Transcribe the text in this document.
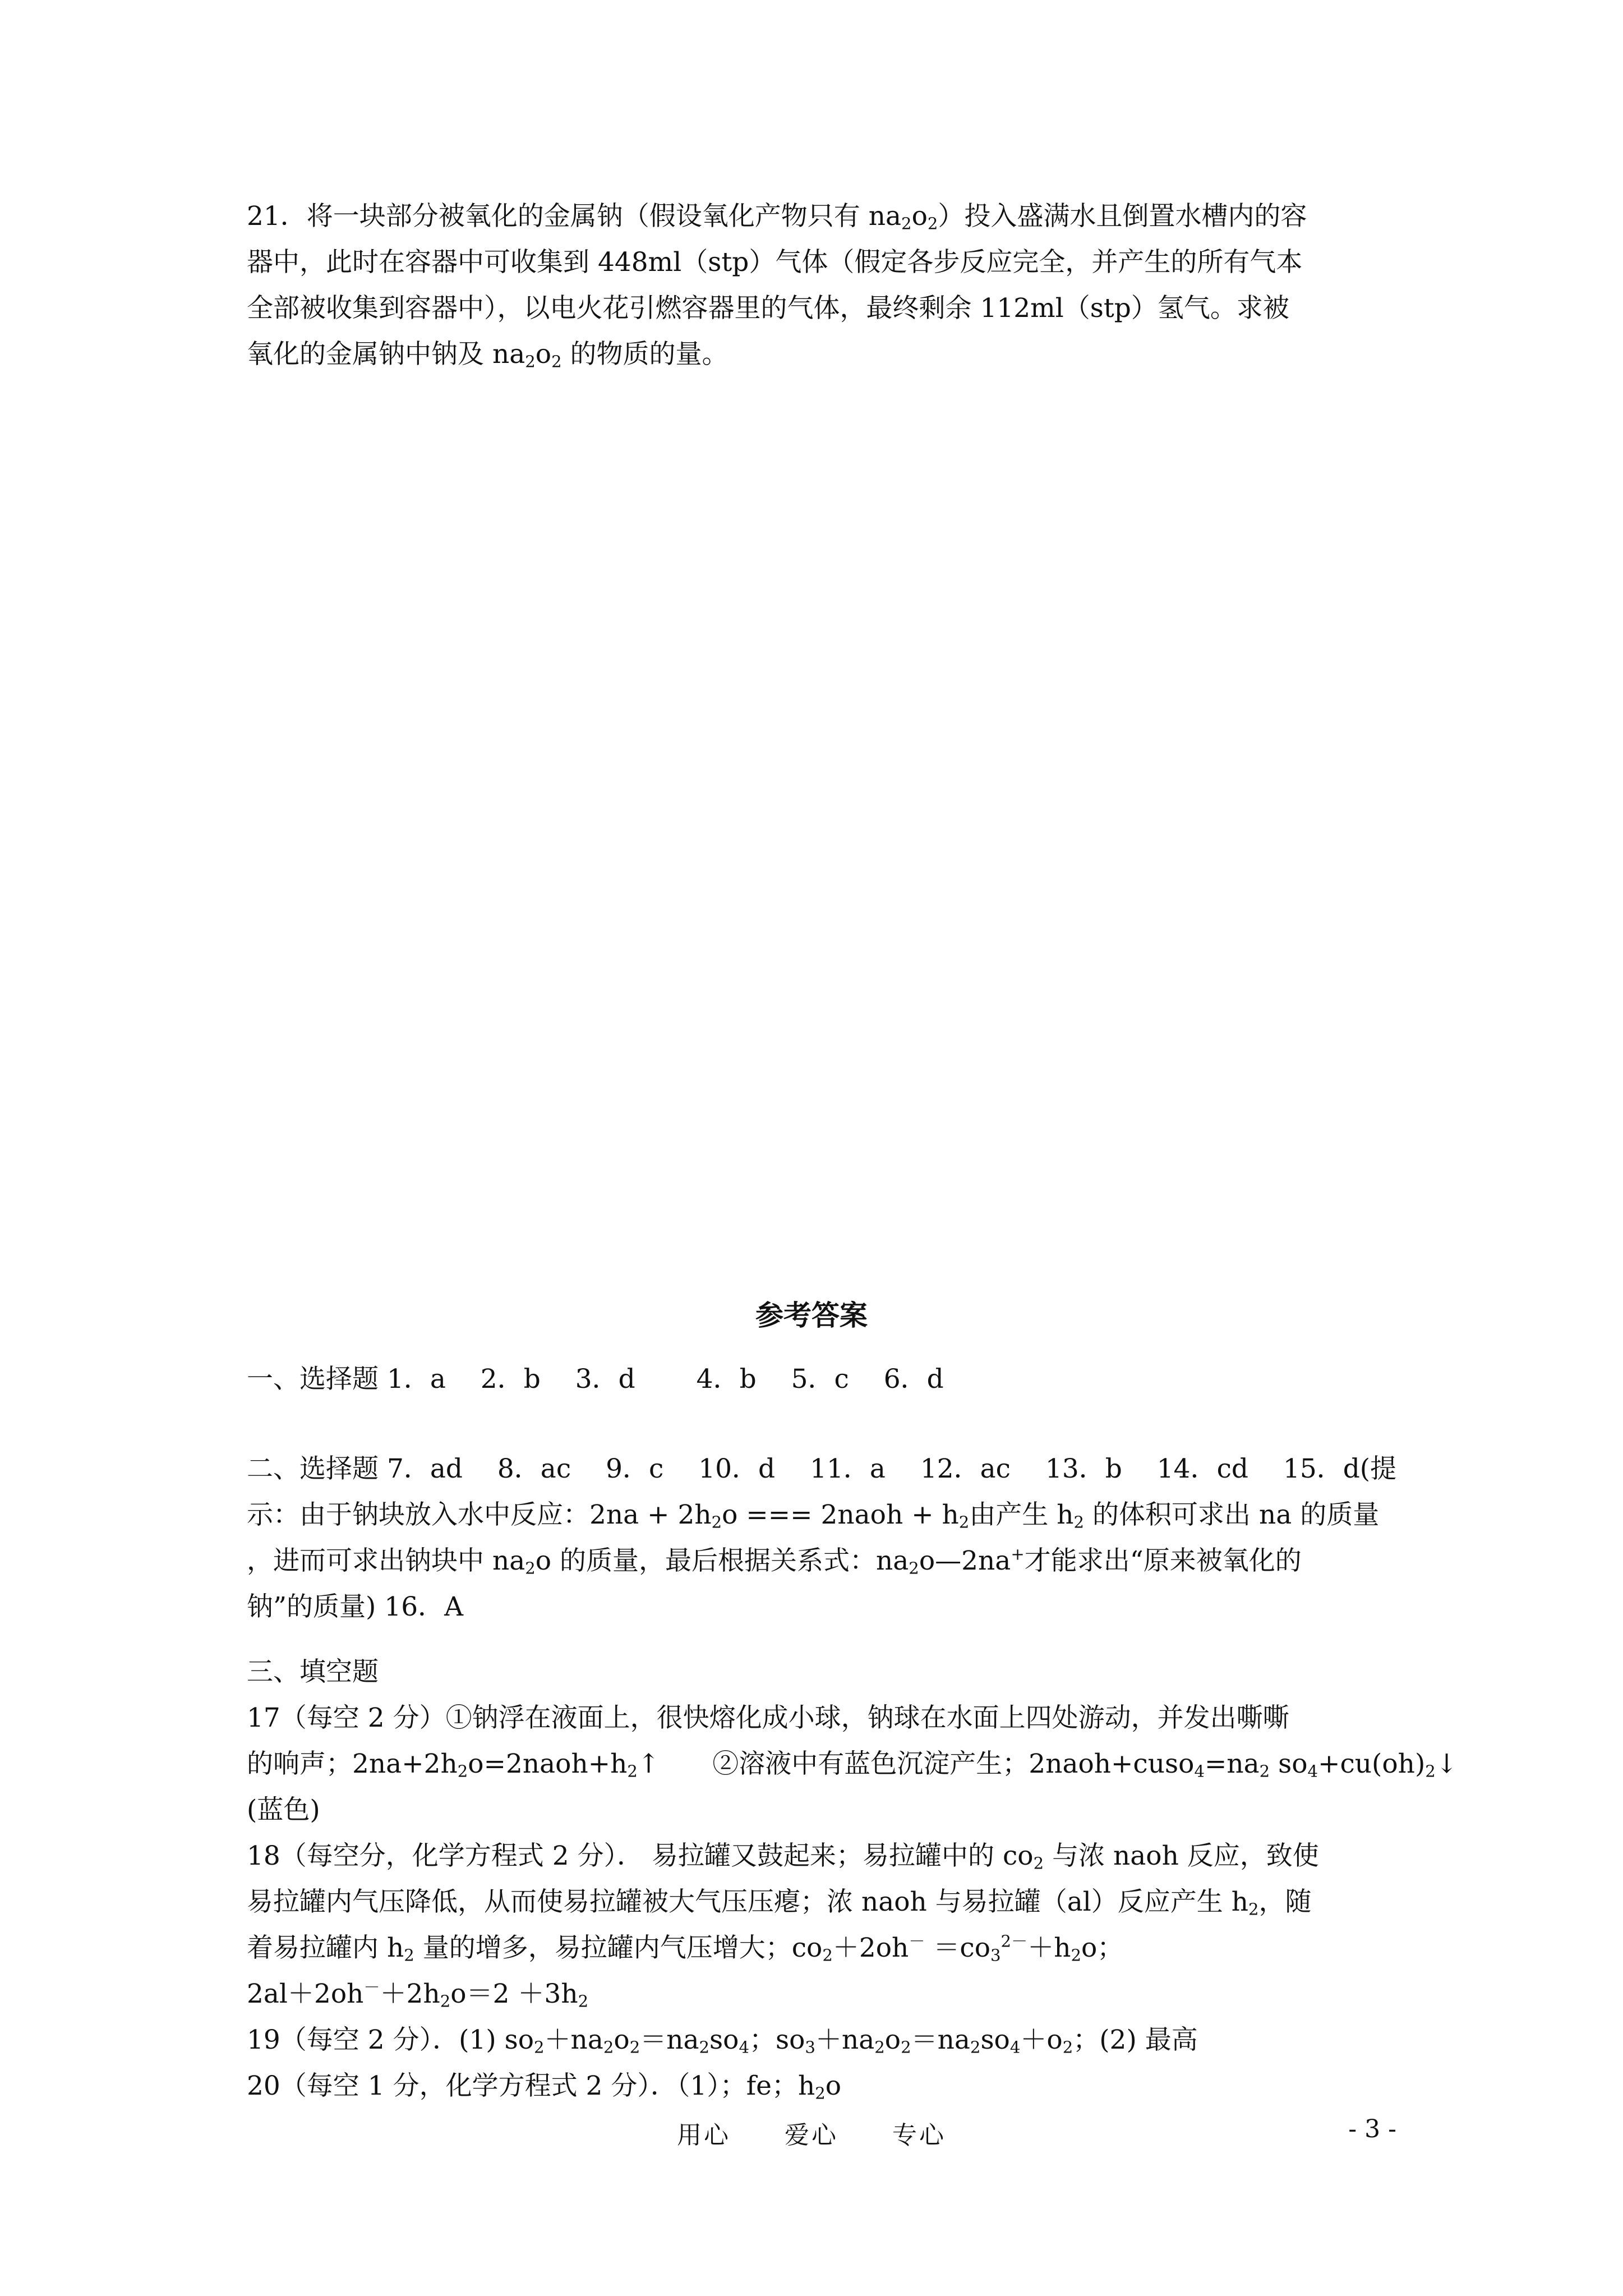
21．将一块部分被氧化的金属钠（假设氧化产物只有 $na_2o_2$）投入盛满水且倒置水槽内的容
器中，此时在容器中可收集到 448ml（stp）气体（假定各步反应完全，并产生的所有气本
全部被收集到容器中），以电火花引燃容器里的气体，最终剩余 112ml（stp）氢气。求被
氧化的金属钠中钠及 $na_2o_2$ 的物质的量。
参考答案
一、选择题 1．a　 2．b　 3．d　　 4．b　 5．c　 6．d
二、选择题 7．ad　 8．ac　 9．c　 10．d　 11．a　 12．ac　 13．b　 14．cd　 15．d(提
示：由于钠块放入水中反应：$2na + 2h_2o$ === 2naoh + $h_2$由产生 $h_2$ 的体积可求出 na 的质量
，进而可求出钠块中 $na_2o$ 的质量，最后根据关系式：$na_2o—2na^+$才能求出“原来被氧化的
钠”的质量) 16．A
三、填空题
17（每空 2 分）①钠浮在液面上，很快熔化成小球，钠球在水面上四处游动，并发出嘶嘶
的响声；$2na+2h_2o=2naoh+h_2↑$　　②溶液中有蓝色沉淀产生；$2naoh+cuso_4=na_2$ $so_4+cu(oh)_2↓$
(蓝色)
18（每空分，化学方程式 2 分）． 易拉罐又鼓起来；易拉罐中的 $co_2$ 与浓 naoh 反应，致使
易拉罐内气压降低，从而使易拉罐被大气压压瘪；浓 naoh 与易拉罐（al）反应产生 $h_2$，随
着易拉罐内 $h_2$ 量的增多，易拉罐内气压增大；$co_2+2oh^- =co_3^{2-}+h_2o$；
$2al+2oh^-+2h_2o=2 +3h_2$
19（每空 2 分）．(1) $so_2+na_2o_2=na_2so_4$；$so_3+na_2o_2=na_2so_4+o_2$；(2) 最高
20（每空 1 分，化学方程式 2 分）．（1）；fe；$h_2o$
用心　　爱心　　专心	- 3 -
